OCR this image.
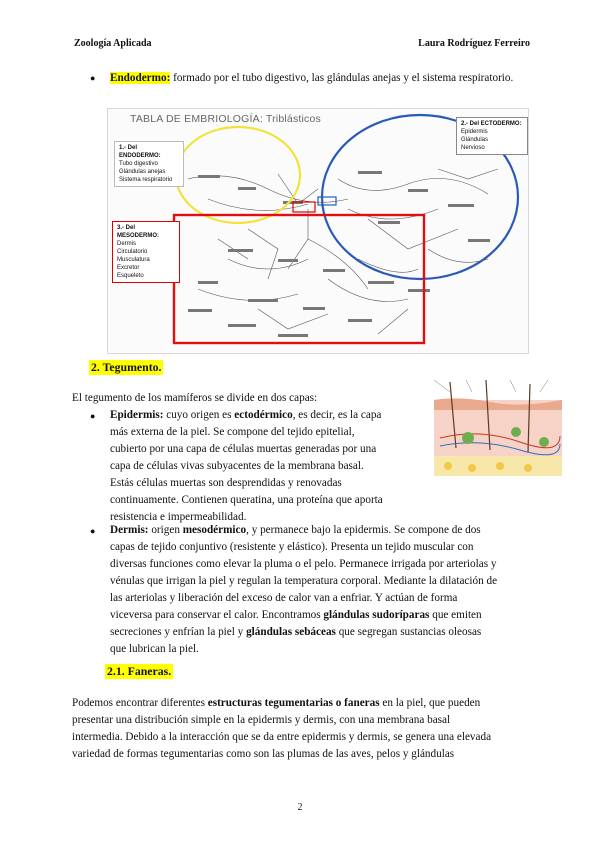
Zoología Aplicada	Laura Rodríguez Ferreiro
● Endodermo: formado por el tubo digestivo, las glándulas anejas y el sistema respiratorio.
TABLA DE EMBRIOLOGÍA: Triblásticos
1.- Del ENDODERMO:
Tubo digestivo
Glándulas anejas
Sistema respiratorio
2.- Del ECTODERMO:
Epidermis
Glándulas
Nervioso
3.- Del MESODERMO:
Dermis
Circulatorio
Musculatura
Excretor
Esqueleto
2. Tegumento.
El tegumento de los mamíferos se divide en dos capas:
● Epidermis: cuyo origen es ectodérmico, es decir, es la capa
más externa de la piel. Se compone del tejido epitelial,
cubierto por una capa de células muertas generadas por una
capa de células vivas subyacentes de la membrana basal.
Estás células muertas son desprendidas y renovadas
continuamente. Contienen queratina, una proteína que aporta
resistencia e impermeabilidad.
● Dermis: origen mesodérmico, y permanece bajo la epidermis. Se compone de dos
capas de tejido conjuntivo (resistente y elástico). Presenta un tejido muscular con
diversas funciones como elevar la pluma o el pelo. Permanece irrigada por arteriolas y
vénulas que irrigan la piel y regulan la temperatura corporal. Mediante la dilatación de
las arteriolas y liberación del exceso de calor van a enfriar. Y actúan de forma
viceversa para conservar el calor. Encontramos glándulas sudoríparas que emiten
secreciones y enfrían la piel y glándulas sebáceas que segregan sustancias oleosas
que lubrican la piel.
2.1. Faneras.
Podemos encontrar diferentes estructuras tegumentarias o faneras en la piel, que pueden
presentar una distribución simple en la epidermis y dermis, con una membrana basal
intermedia. Debido a la interacción que se da entre epidermis y dermis, se genera una elevada
variedad de formas tegumentarias como son las plumas de las aves, pelos y glándulas
2
